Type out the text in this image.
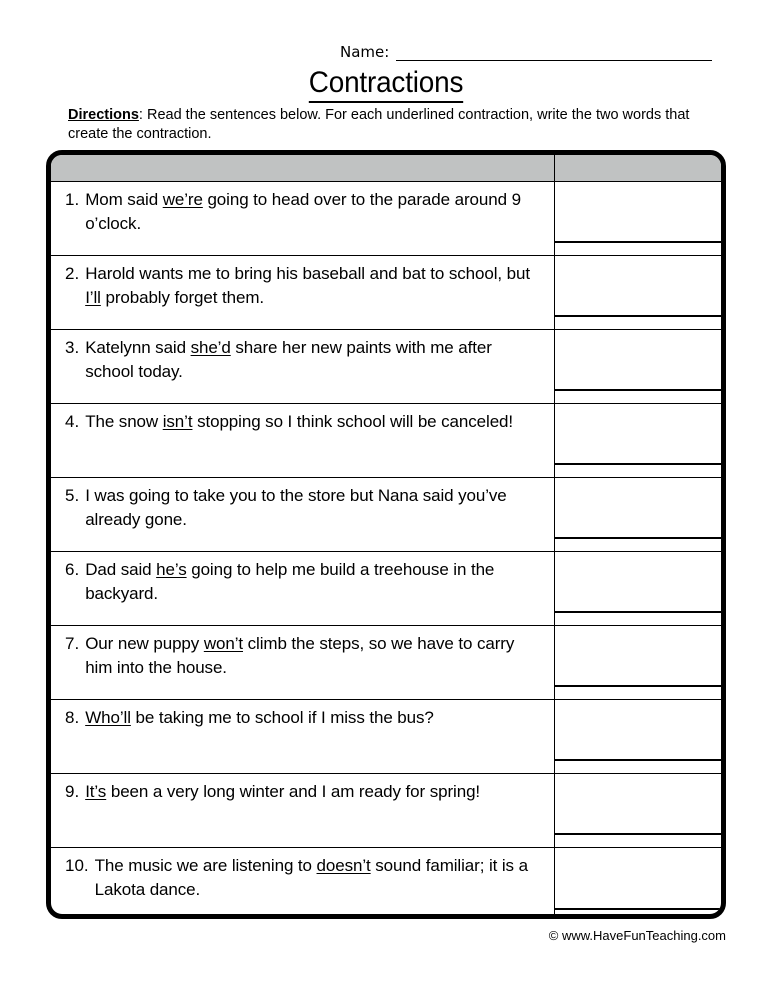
Name:
Contractions
Directions: Read the sentences below. For each underlined contraction, write the two words that create the contraction.
1. Mom said we’re going to head over to the parade around 9 o’clock.
2. Harold wants me to bring his baseball and bat to school, but I’ll probably forget them.
3. Katelynn said she’d share her new paints with me after school today.
4. The snow isn’t stopping so I think school will be canceled!
5. I was going to take you to the store but Nana said you’ve already gone.
6. Dad said he’s going to help me build a treehouse in the backyard.
7. Our new puppy won’t climb the steps, so we have to carry him into the house.
8. Who’ll be taking me to school if I miss the bus?
9. It’s been a very long winter and I am ready for spring!
10. The music we are listening to doesn’t sound familiar; it is a Lakota dance.
© www.HaveFunTeaching.com
